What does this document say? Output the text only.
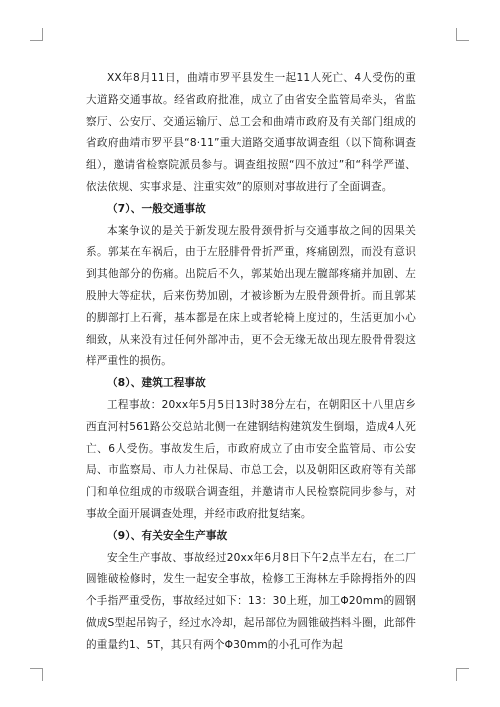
XX年8月11日，曲靖市罗平县发生一起11人死亡、4人受伤的重大道路交通事故。经省政府批准，成立了由省安全监管局牵头，省监察厅、公安厅、交通运输厅、总工会和曲靖市政府及有关部门组成的省政府曲靖市罗平县“8·11”重大道路交通事故调查组（以下简称调查组），邀请省检察院派员参与。调查组按照“四不放过”和“科学严谨、依法依规、实事求是、注重实效”的原则对事故进行了全面调查。

（7）、一般交通事故

本案争议的是关于新发现左股骨颈骨折与交通事故之间的因果关系。郭某在车祸后，由于左胫腓骨骨折严重，疼痛剧烈，而没有意识到其他部分的伤痛。出院后不久，郭某始出现左髋部疼痛并加剧、左股肿大等症状，后来伤势加剧，才被诊断为左股骨颈骨折。而且郭某的脚部打上石膏，基本都是在床上或者轮椅上度过的，生活更加小心细致，从来没有过任何外部冲击，更不会无缘无故出现左股骨骨裂这样严重性的损伤。

（8）、建筑工程事故

工程事故：20xx年5月5日13时38分左右，在朝阳区十八里店乡西直河村561路公交总站北侧一在建钢结构建筑发生倒塌，造成4人死亡、6人受伤。事故发生后，市政府成立了由市安全监管局、市公安局、市监察局、市人力社保局、市总工会，以及朝阳区政府等有关部门和单位组成的市级联合调查组，并邀请市人民检察院同步参与，对事故全面开展调查处理，并经市政府批复结案。

（9）、有关安全生产事故

安全生产事故、事故经过20xx年6月8日下午2点半左右，在二厂圆锥破检修时，发生一起安全事故，检修工王海林左手除拇指外的四个手指严重受伤，事故经过如下：13：30上班，加工Φ20mm的圆钢做成S型起吊钩子，经过水冷却，起吊部位为圆锥破挡料斗圈，此部件的重量约1、5T，其只有两个Φ30mm的小孔可作为起
